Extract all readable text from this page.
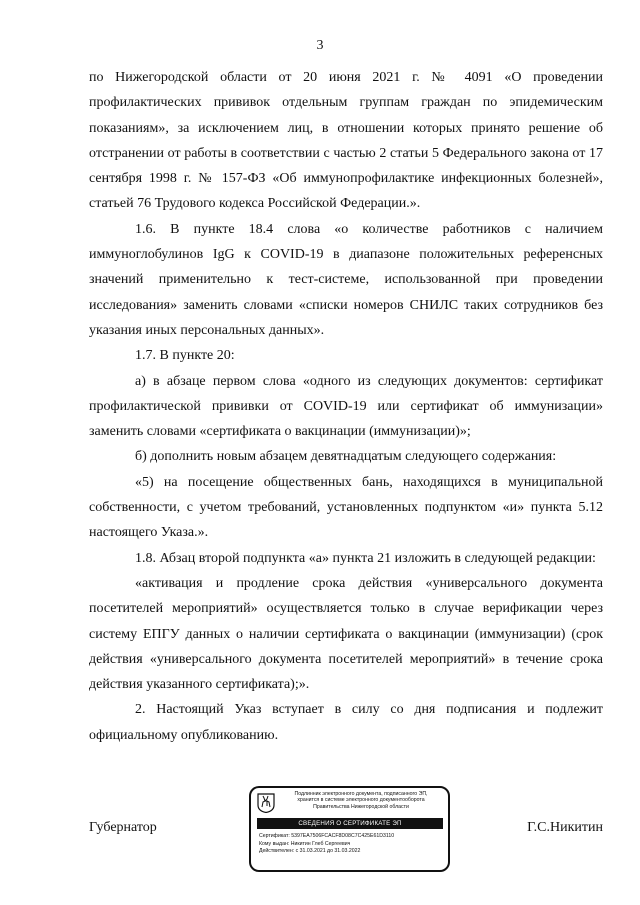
3

по Нижегородской области от 20 июня 2021 г. № 4091 «О проведении профилактических прививок отдельным группам граждан по эпидемическим показаниям», за исключением лиц, в отношении которых принято решение об отстранении от работы в соответствии с частью 2 статьи 5 Федерального закона от 17 сентября 1998 г. № 157-ФЗ «Об иммунопрофилактике инфекционных болезней», статьей 76 Трудового кодекса Российской Федерации.».

1.6. В пункте 18.4 слова «о количестве работников с наличием иммуноглобулинов IgG к COVID-19 в диапазоне положительных референсных значений применительно к тест-системе, использованной при проведении исследования» заменить словами «списки номеров СНИЛС таких сотрудников без указания иных персональных данных».

1.7. В пункте 20:

а) в абзаце первом слова «одного из следующих документов: сертификат профилактической прививки от COVID-19 или сертификат об иммунизации» заменить словами «сертификата о вакцинации (иммунизации)»;

б) дополнить новым абзацем девятнадцатым следующего содержания:

«5) на посещение общественных бань, находящихся в муниципальной собственности, с учетом требований, установленных подпунктом «и» пункта 5.12 настоящего Указа.».

1.8. Абзац второй подпункта «а» пункта 21 изложить в следующей редакции:

«активация и продление срока действия «универсального документа посетителей мероприятий» осуществляется только в случае верификации через систему ЕПГУ данных о наличии сертификата о вакцинации (иммунизации) (срок действия «универсального документа посетителей мероприятий» в течение срока действия указанного сертификата);».

2. Настоящий Указ вступает в силу со дня подписания и подлежит официальному опубликованию.

Губернатор	Г.С.Никитин
Подлинник электронного документа, подписанного ЭП,
хранится в системе электронного документооборота
Правительства Нижегородской области
СВЕДЕНИЯ О СЕРТИФИКАТЕ ЭП
Сертификат: 5397EA7506FCACF8D08C7C425E61D3110
Кому выдан: Никитин Глеб Сергеевич
Действителен: с 31.03.2021 до 31.03.2022
